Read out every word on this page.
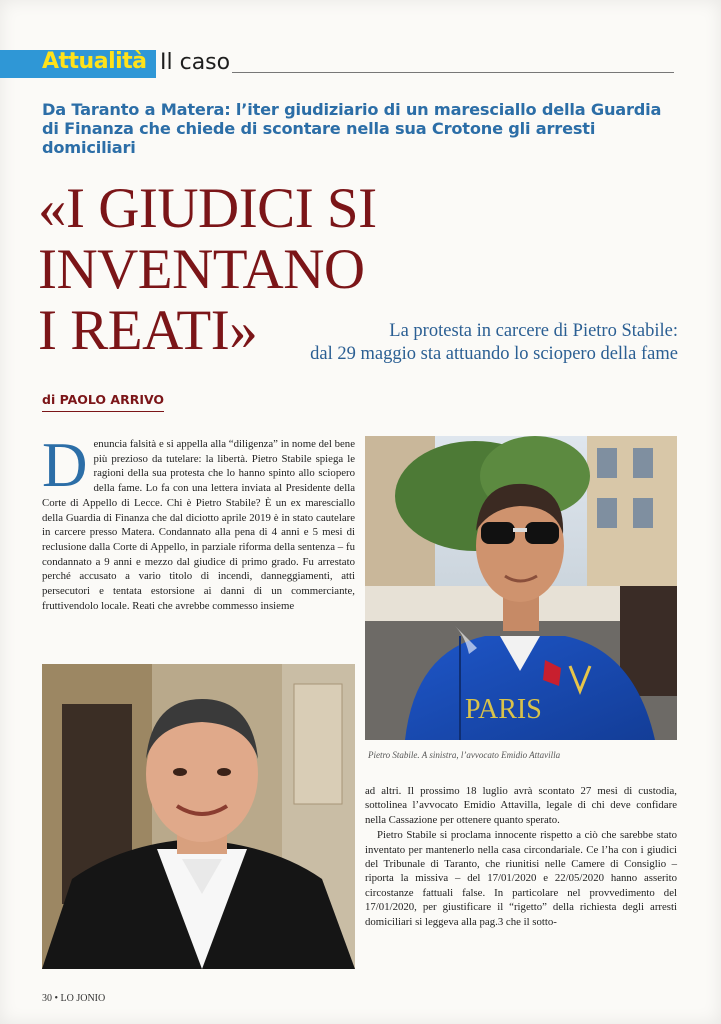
Attualità Il caso
Da Taranto a Matera: l’iter giudiziario di un maresciallo della Guardia di Finanza che chiede di scontare nella sua Crotone gli arresti domiciliari
«I GIUDICI SI INVENTANO
I REATI»	La protesta in carcere di Pietro Stabile:
dal 29 maggio sta attuando lo sciopero della fame
di PAOLO ARRIVO
Denuncia falsità e si appella alla “diligenza” in nome del bene più prezioso da tutelare: la libertà. Pietro Stabile spiega le ragioni della sua protesta che lo hanno spinto allo sciopero della fame. Lo fa con una lettera inviata al Presidente della Corte di Appello di Lecce. Chi è Pietro Stabile? È un ex maresciallo della Guardia di Finanza che dal diciotto aprile 2019 è in stato cautelare in carcere presso Matera. Condannato alla pena di 4 anni e 5 mesi di reclusione dalla Corte di Appello, in parziale riforma della sentenza – fu condannato a 9 anni e mezzo dal giudice di primo grado. Fu arrestato perché accusato a vario titolo di incendi, danneggiamenti, atti persecutori e tentata estorsione ai danni di un commerciante, fruttivendolo locale. Reati che avrebbe commesso insieme
PARIS
Pietro Stabile. A sinistra, l’avvocato Emidio Attavilla

ad altri. Il prossimo 18 luglio avrà scontato 27 mesi di custodia, sottolinea l’avvocato Emidio Attavilla, legale di chi deve confidare nella Cassazione per ottenere quanto sperato.

Pietro Stabile si proclama innocente rispetto a ciò che sarebbe stato inventato per mantenerlo nella casa circondariale. Ce l’ha con i giudici del Tribunale di Taranto, che riunitisi nelle Camere di Consiglio – riporta la missiva – del 17/01/2020 e 22/05/2020 hanno asserito circostanze fattuali false. In particolare nel provvedimento del 17/01/2020, per giustificare il “rigetto” della richiesta degli arresti domiciliari si leggeva alla pag.3 che il sotto-

30 • LO JONIO
